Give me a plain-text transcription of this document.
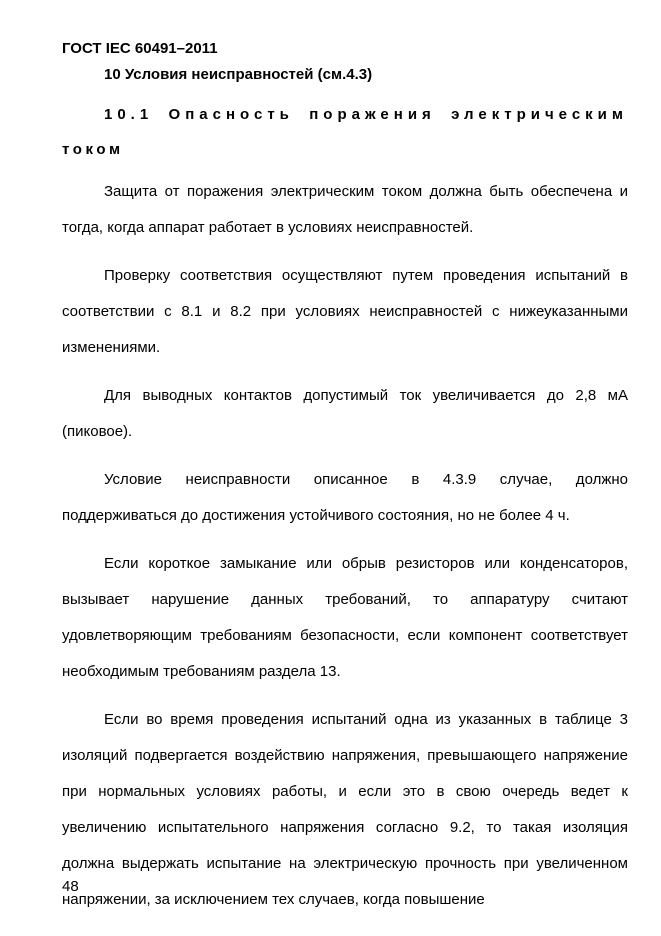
ГОСТ IEC 60491–2011
10 Условия неисправностей (см.4.3)
10.1 Опасность поражения электрическим
током

Защита от поражения электрическим током должна быть обеспечена и тогда, когда аппарат работает в условиях неисправностей.

Проверку соответствия осуществляют путем проведения испытаний в соответствии с 8.1 и 8.2 при условиях неисправностей с нижеуказанными изменениями.

Для выводных контактов допустимый ток увеличивается до 2,8 мА (пиковое).

Условие неисправности описанное в 4.3.9 случае, должно поддерживаться до достижения устойчивого состояния, но не более 4 ч.

Если короткое замыкание или обрыв резисторов или конденсаторов, вызывает нарушение данных требований, то аппаратуру считают удовлетворяющим требованиям безопасности, если компонент соответствует необходимым требованиям раздела 13.

Если во время проведения испытаний одна из указанных в таблице 3 изоляций подвергается воздействию напряжения, превышающего напряжение при нормальных условиях работы, и если это в свою очередь ведет к увеличению испытательного напряжения согласно 9.2, то такая изоляция должна выдержать испытание на электрическую прочность при увеличенном напряжении, за исключением тех случаев, когда повышение

48
